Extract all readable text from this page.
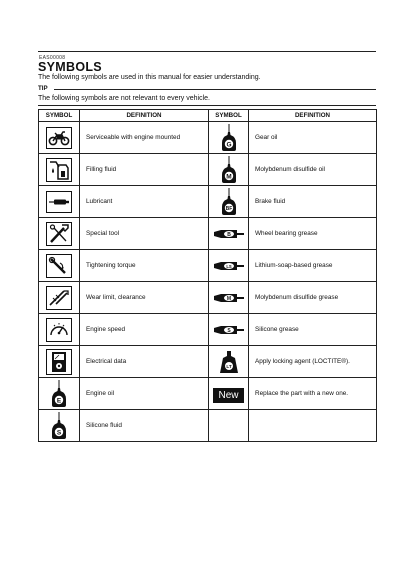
EAS00008
SYMBOLS
The following symbols are used in this manual for easier understanding.
TIP
The following symbols are not relevant to every vehicle.
SYMBOL	DEFINITION	SYMBOL	DEFINITION

	Serviceable with engine mounted	G	Gear oil

	Filling fluid	M	Molybdenum disulfide oil

	Lubricant	BF	Brake fluid

	Special tool	B	Wheel bearing grease

	Tightening torque	LS	Lithium-soap-based grease

	Wear limit, clearance	M	Molybdenum disulfide grease

	Engine speed	S	Silicone grease

	Electrical data	LT	Apply locking agent (LOCTITE®).

E	Engine oil	New	Replace the part with a new one.

S	Silicone fluid		
